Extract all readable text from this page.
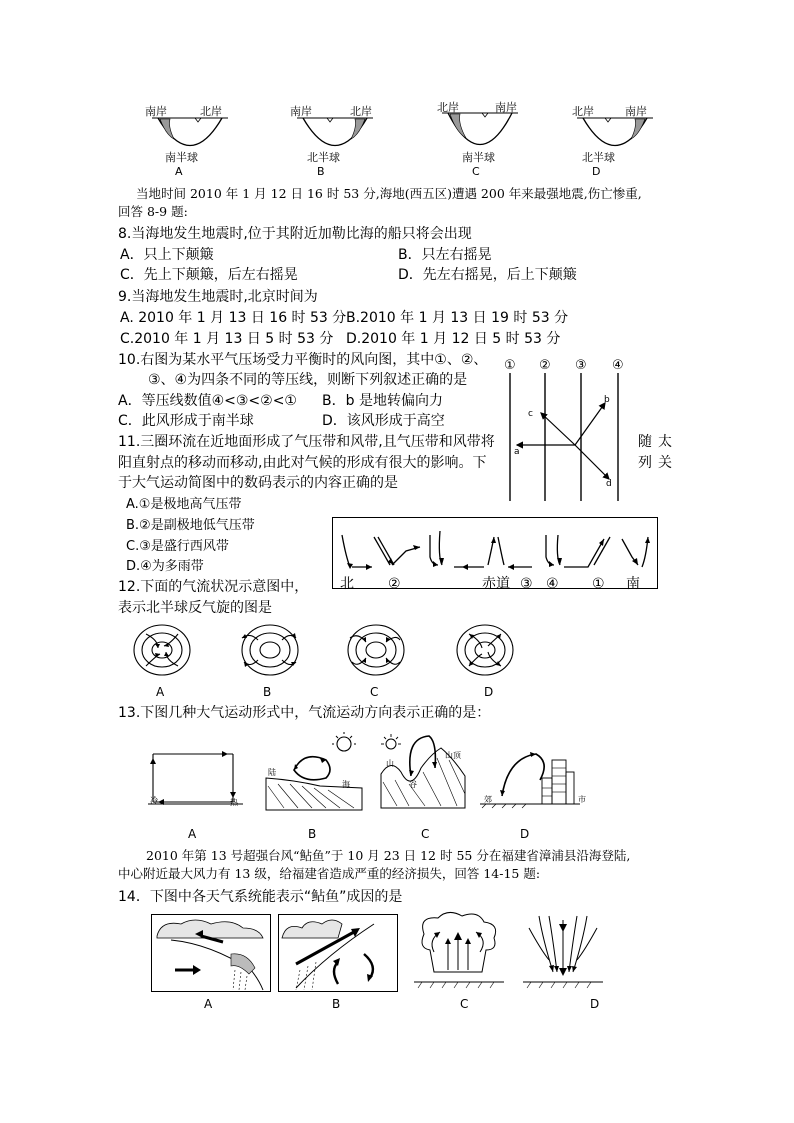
南岸	北岸
南半球
A
南岸	北岸
北半球
B
北岸	南岸
南半球
C
北岸	南岸
北半球
D
当地时间 2010 年 1 月 12 日 16 时 53 分,海地(西五区)遭遇 200 年来最强地震,伤亡惨重,
回答 8-9 题:
8.当海地发生地震时,位于其附近加勒比海的船只将会出现
A．只上下颠簸	B．只左右摇晃
C．先上下颠簸，后左右摇晃	D．先左右摇晃，后上下颠簸
9.当海地发生地震时,北京时间为
A. 2010 年 1 月 13 日 16 时 53 分 B.2010 年 1 月 13 日 19 时 53 分
C.2010 年 1 月 13 日 5 时 53 分 D.2010 年 1 月 12 日 5 时 53 分
10.右图为某水平气压场受力平衡时的风向图，其中①、②、
③、④为四条不同的等压线，则断下列叙述正确的是
A．等压线数值④<③<②<① B．b 是地转偏向力
C．此风形成于南半球	D．该风形成于高空
① ② ③ ④
a
b
c
d
11.三圈环流在近地面形成了气压带和风带,且气压带和风带将	随 太
阳直射点的移动而移动,由此对气候的形成有很大的影响。下	列 关
于大气运动简图中的数码表示的内容正确的是
A.①是极地高气压带
B.②是副极地低气压带
C.③是盛行西风带
D.④为多雨带
北 ②	赤道 ③ ④ ① 南
12.下面的气流状况示意图中，
表示北半球反气旋的图是
A	B	C	D
13.下图几种大气运动形式中，气流运动方向表示正确的是：
冷	热
陆
海
山
山顶
谷
郊	市
A	B	C	D
2010 年第 13 号超强台风“鲇鱼”于 10 月 23 日 12 时 55 分在福建省漳浦县沿海登陆,
中心附近最大风力有 13 级，给福建省造成严重的经济损失，回答 14-15 题:
14．下图中各天气系统能表示“鲇鱼”成因的是
A	B	C	D
